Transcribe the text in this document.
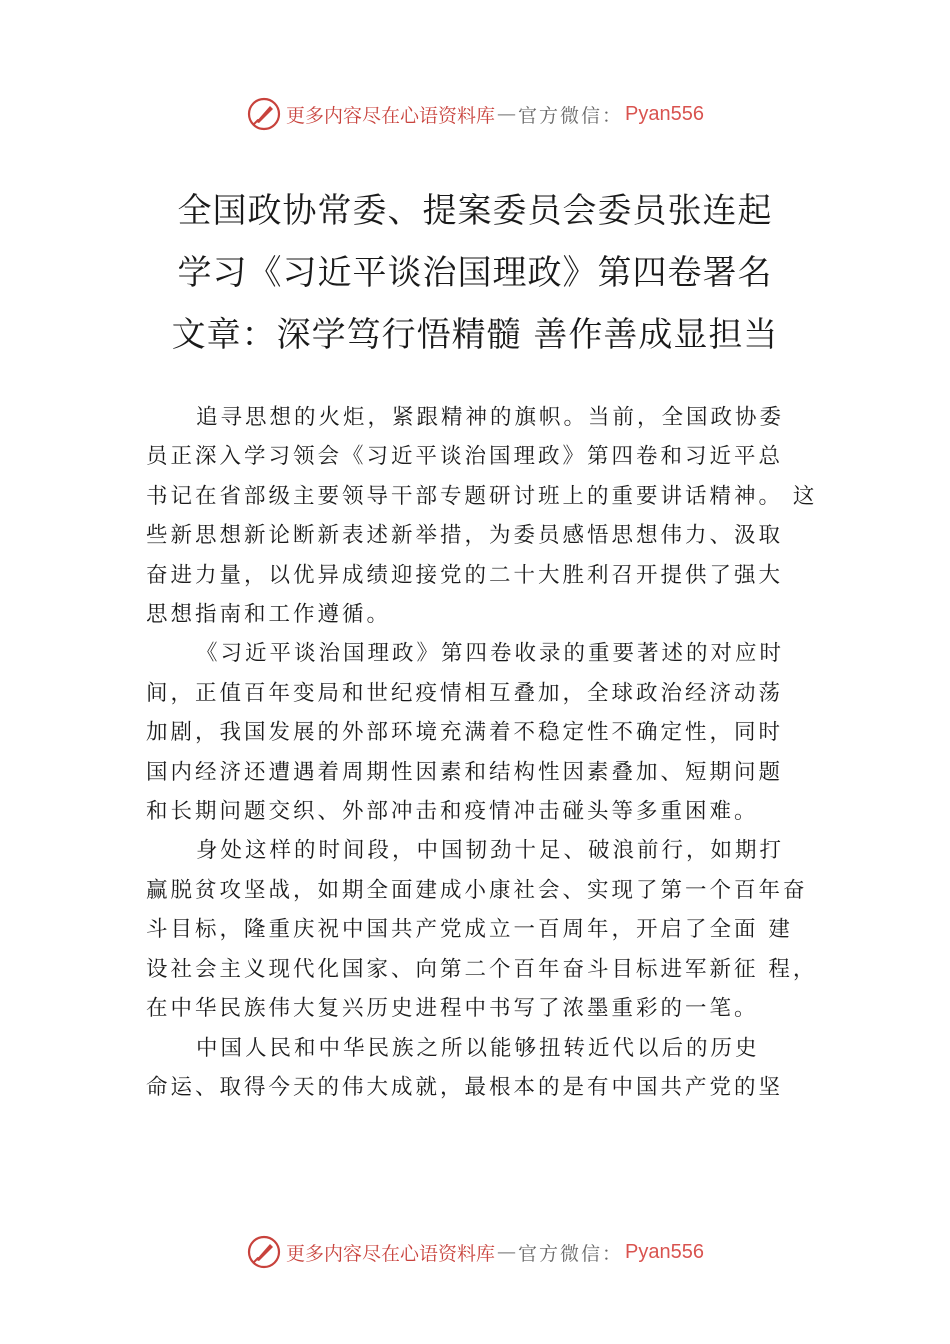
更多内容尽在心语资料库 — 官方微信： Pyan556
全国政协常委、提案委员会委员张连起
学习《习近平谈治国理政》第四卷署名
文章：深学笃行悟精髓 善作善成显担当
追寻思想的火炬，紧跟精神的旗帜。当前，全国政协委
员正深入学习领会《习近平谈治国理政》第四卷和习近平总
书记在省部级主要领导干部专题研讨班上的重要讲话精神。 这
些新思想新论断新表述新举措，为委员感悟思想伟力、汲取
奋进力量，以优异成绩迎接党的二十大胜利召开提供了强大
思想指南和工作遵循。
《习近平谈治国理政》第四卷收录的重要著述的对应时
间，正值百年变局和世纪疫情相互叠加，全球政治经济动荡
加剧，我国发展的外部环境充满着不稳定性不确定性，同时
国内经济还遭遇着周期性因素和结构性因素叠加、短期问题
和长期问题交织、外部冲击和疫情冲击碰头等多重困难。
身处这样的时间段，中国韧劲十足、破浪前行，如期打
赢脱贫攻坚战，如期全面建成小康社会、实现了第一个百年奋
斗目标，隆重庆祝中国共产党成立一百周年，开启了全面 建
设社会主义现代化国家、向第二个百年奋斗目标进军新征 程，
在中华民族伟大复兴历史进程中书写了浓墨重彩的一笔。
中国人民和中华民族之所以能够扭转近代以后的历史
命运、取得今天的伟大成就，最根本的是有中国共产党的坚
更多内容尽在心语资料库 — 官方微信： Pyan556
